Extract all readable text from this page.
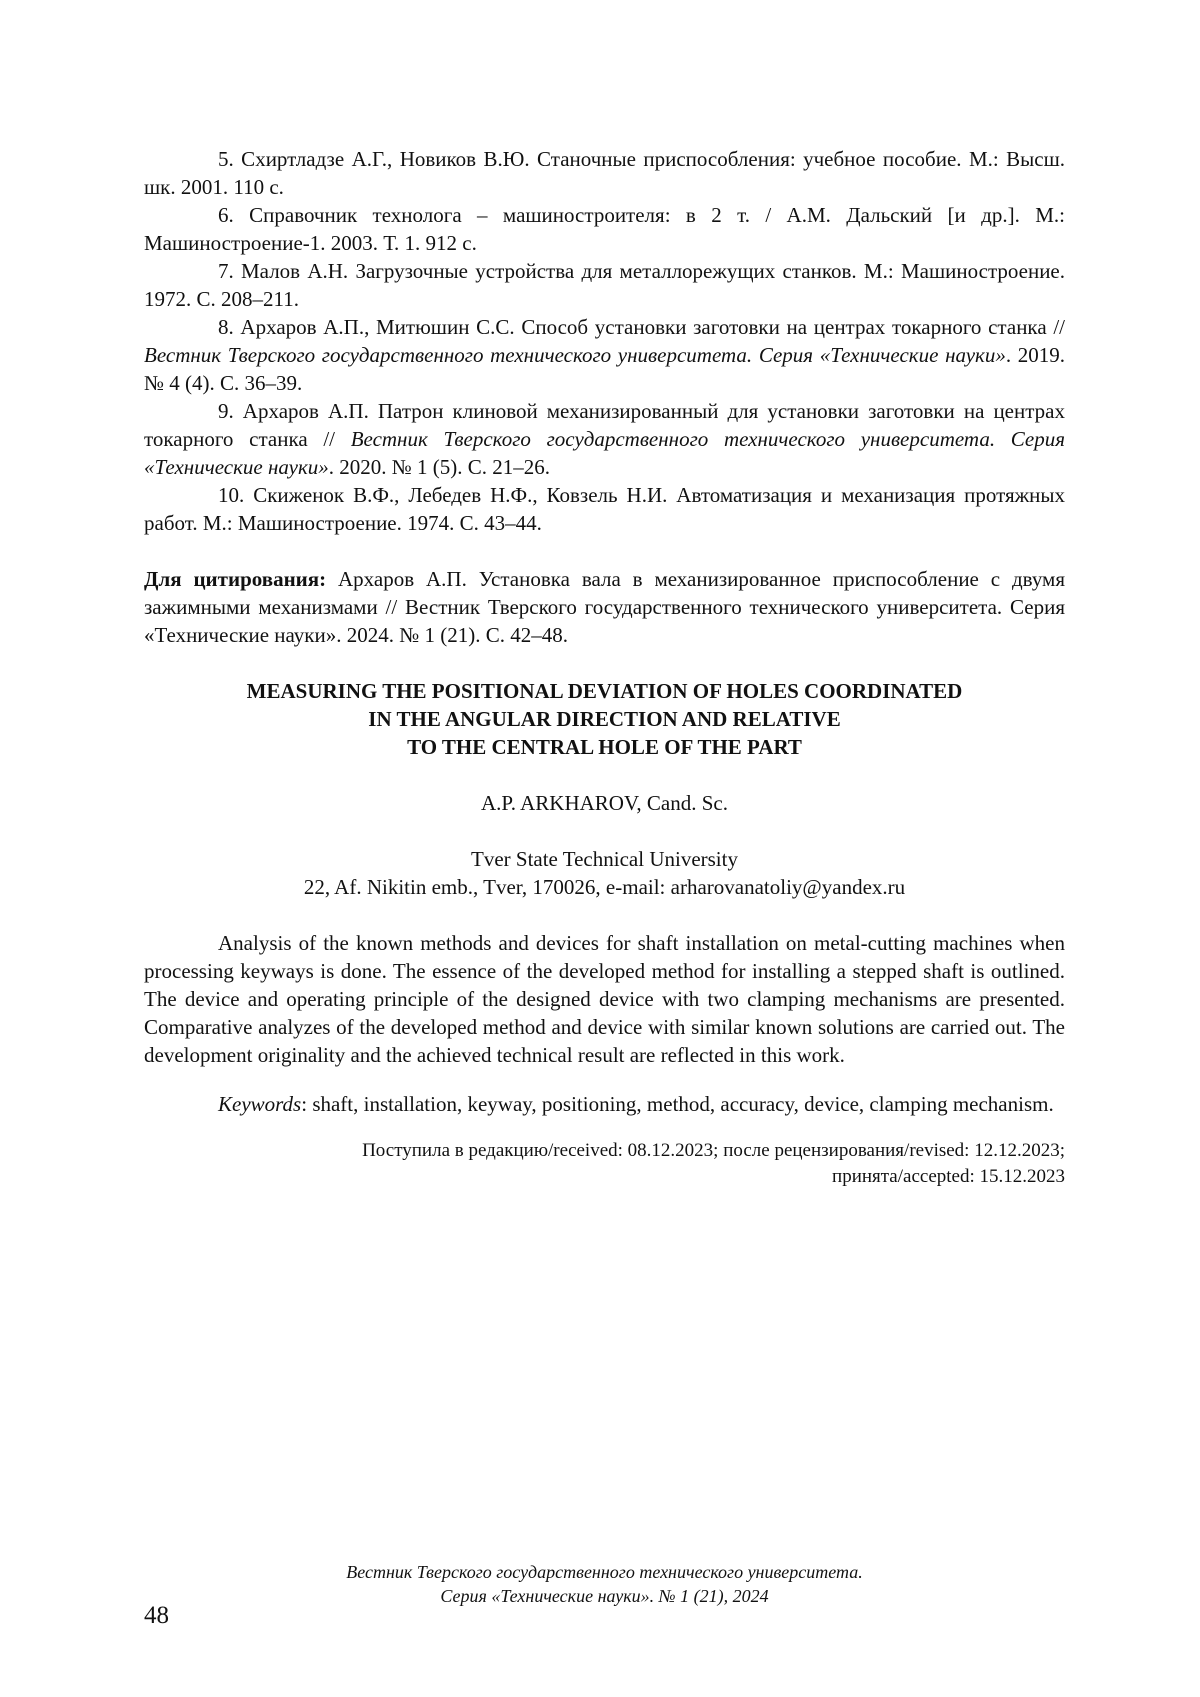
5. Схиртладзе А.Г., Новиков В.Ю. Станочные приспособления: учебное пособие. М.: Высш. шк. 2001. 110 с.

6. Справочник технолога – машиностроителя: в 2 т. / А.М. Дальский [и др.]. М.: Машиностроение-1. 2003. Т. 1. 912 с.

7. Малов А.Н. Загрузочные устройства для металлорежущих станков. М.: Машиностроение. 1972. С. 208–211.

8. Архаров А.П., Митюшин С.С. Способ установки заготовки на центрах токарного станка // Вестник Тверского государственного технического университета. Серия «Технические науки». 2019. № 4 (4). С. 36–39.

9. Архаров А.П. Патрон клиновой механизированный для установки заготовки на центрах токарного станка // Вестник Тверского государственного технического университета. Серия «Технические науки». 2020. № 1 (5). С. 21–26.

10. Скиженок В.Ф., Лебедев Н.Ф., Ковзель Н.И. Автоматизация и механизация протяжных работ. М.: Машиностроение. 1974. С. 43–44.

Для цитирования: Архаров А.П. Установка вала в механизированное приспособление с двумя зажимными механизмами // Вестник Тверского государственного технического университета. Серия «Технические науки». 2024. № 1 (21). С. 42–48.

MEASURING THE POSITIONAL DEVIATION OF HOLES COORDINATED
IN THE ANGULAR DIRECTION AND RELATIVE
TO THE CENTRAL HOLE OF THE PART
A.P. ARKHAROV, Cand. Sc.
Tver State Technical University
22, Af. Nikitin emb., Tver, 170026, e-mail: arharovanatoliy@yandex.ru

Analysis of the known methods and devices for shaft installation on metal-cutting machines when processing keyways is done. The essence of the developed method for installing a stepped shaft is outlined. The device and operating principle of the designed device with two clamping mechanisms are presented. Comparative analyzes of the developed method and device with similar known solutions are carried out. The development originality and the achieved technical result are reflected in this work.

Keywords: shaft, installation, keyway, positioning, method, accuracy, device, clamping mechanism.

Поступила в редакцию/received: 08.12.2023; после рецензирования/revised: 12.12.2023;
принята/accepted: 15.12.2023
Вестник Тверского государственного технического университета.
Серия «Технические науки». № 1 (21), 2024
48
